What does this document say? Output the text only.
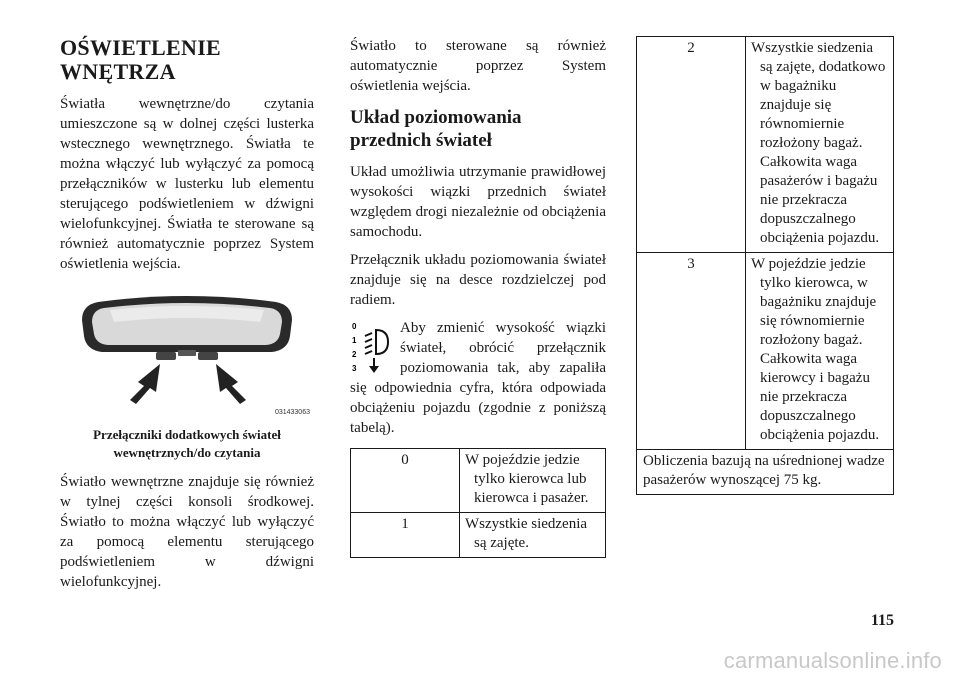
OŚWIETLENIE
WNĘTRZA

Światła wewnętrzne/do czytania umieszczone są w dolnej części lusterka wstecznego wewnętrznego. Światła te można włączyć lub wyłączyć za pomocą przełączników w lusterku lub elementu sterującego podświetleniem w dźwigni wielofunkcyjnej. Światła te sterowane są również automatycznie poprzez System oświetlenia wejścia.

031433063
Przełączniki dodatkowych świateł
wewnętrznych/do czytania

Światło wewnętrzne znajduje się również w tylnej części konsoli środkowej. Światło to można włączyć lub wyłączyć za pomocą elementu sterującego podświetleniem w dźwigni wielofunkcyjnej.

Światło to sterowane są również automatycznie poprzez System oświetlenia wejścia.

Układ poziomowania
przednich świateł

Układ umożliwia utrzymanie prawidłowej wysokości wiązki przednich świateł względem drogi niezależnie od obciążenia samochodu.

Przełącznik układu poziomowania świateł znajduje się na desce rozdzielczej pod radiem.

0
1
2
3

Aby zmienić wysokość wiązki świateł, obrócić przełącznik poziomowania tak, aby zapaliła się odpowiednia cyfra, która odpowiada obciążeniu pojazdu (zgodnie z poniższą tabelą).

0	W pojeździe jedzie tylko kierowca lub kierowca i pasażer.
1	Wszystkie siedzenia są zajęte.
2	Wszystkie siedzenia są zajęte, dodatkowo w bagażniku znajduje się równomiernie rozłożony bagaż. Całkowita waga pasażerów i bagażu nie przekracza dopuszczalnego obciążenia pojazdu.
3	W pojeździe jedzie tylko kierowca, w bagażniku znajduje się równomiernie rozłożony bagaż. Całkowita waga kierowcy i bagażu nie przekracza dopuszczalnego obciążenia pojazdu.
Obliczenia bazują na uśrednionej wadze pasażerów wynoszącej 75 kg.	
115
carmanualsonline.info
